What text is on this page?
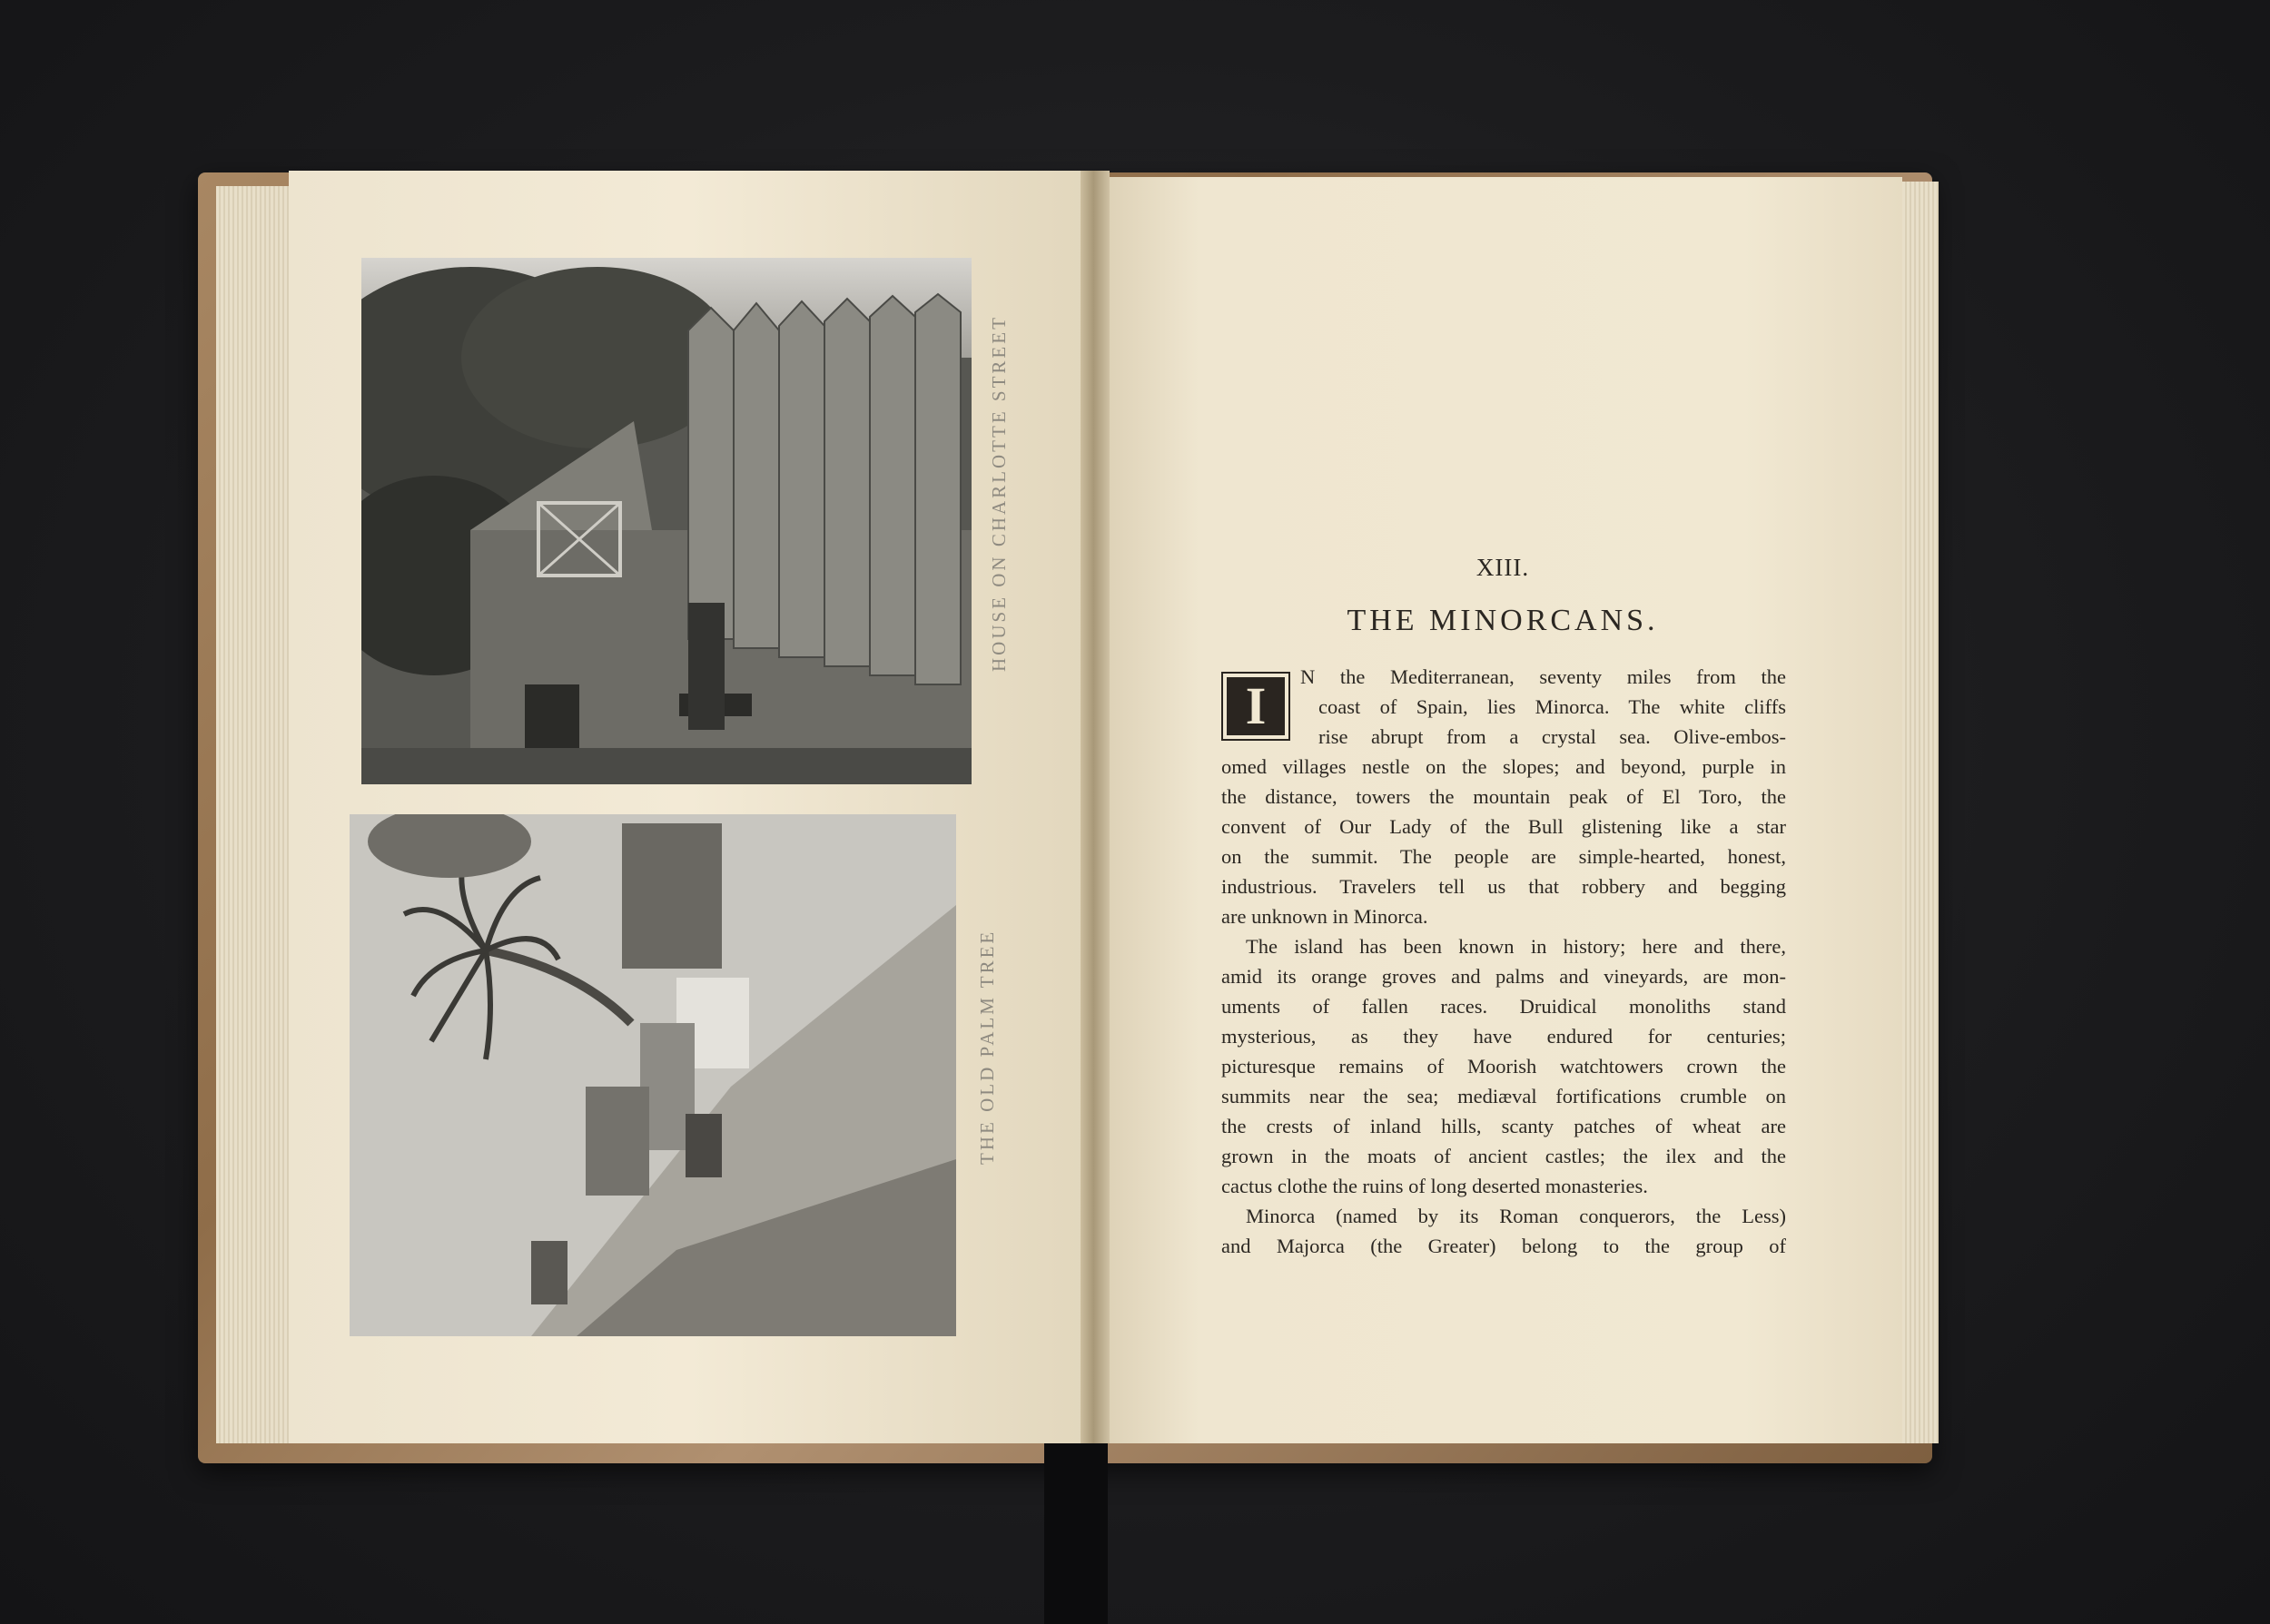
HOUSE ON CHARLOTTE STREET
THE OLD PALM TREE
XIII.
THE MINORCANS.
I N the Mediterranean, seventy miles from the
coast of Spain, lies Minorca. The white cliffs
rise abrupt from a crystal sea. Olive-embos-
omed villages nestle on the slopes; and beyond, purple in
the distance, towers the mountain peak of El Toro, the
convent of Our Lady of the Bull glistening like a star
on the summit. The people are simple-hearted, honest,
industrious. Travelers tell us that robbery and begging
are unknown in Minorca.
The island has been known in history; here and there,
amid its orange groves and palms and vineyards, are mon-
uments of fallen races. Druidical monoliths stand
mysterious, as they have endured for centuries;
picturesque remains of Moorish watchtowers crown the
summits near the sea; mediæval fortifications crumble on
the crests of inland hills, scanty patches of wheat are
grown in the moats of ancient castles; the ilex and the
cactus clothe the ruins of long deserted monasteries.
Minorca (named by its Roman conquerors, the Less)
and Majorca (the Greater) belong to the group of
